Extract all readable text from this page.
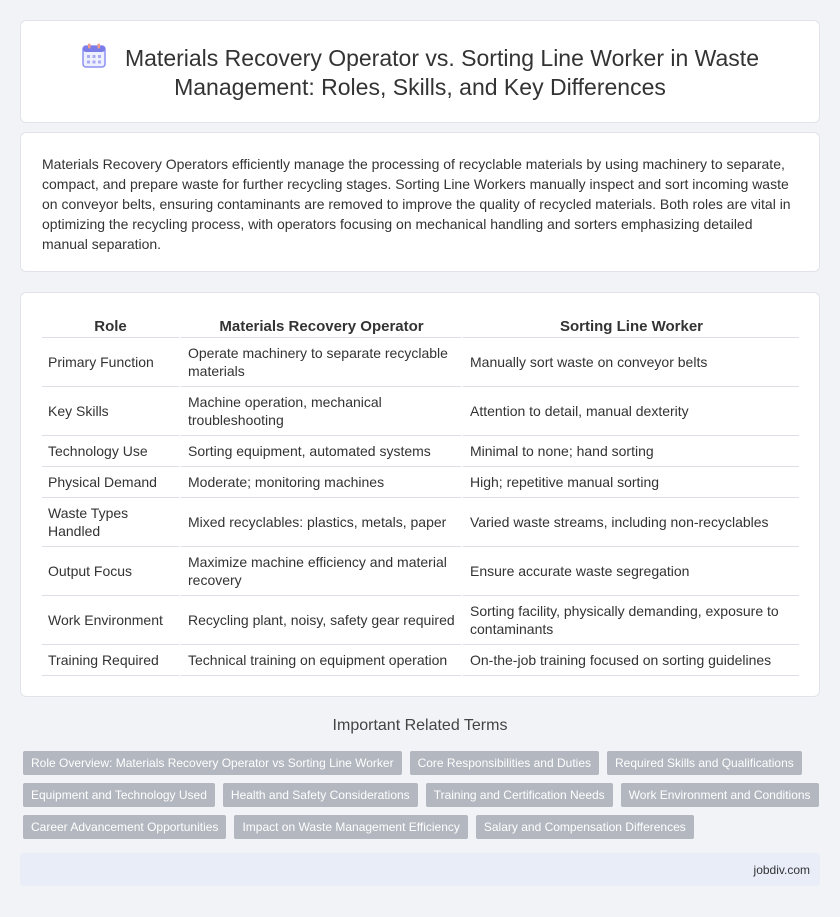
Materials Recovery Operator vs. Sorting Line Worker in Waste
Management: Roles, Skills, and Key Differences

Materials Recovery Operators efficiently manage the processing of recyclable materials by using machinery to separate, compact, and prepare waste for further recycling stages. Sorting Line Workers manually inspect and sort incoming waste on conveyor belts, ensuring contaminants are removed to improve the quality of recycled materials. Both roles are vital in optimizing the recycling process, with operators focusing on mechanical handling and sorters emphasizing detailed manual separation.

Role	Materials Recovery Operator	Sorting Line Worker
Primary Function	Operate machinery to separate recyclable materials	Manually sort waste on conveyor belts
Key Skills	Machine operation, mechanical troubleshooting	Attention to detail, manual dexterity
Technology Use	Sorting equipment, automated systems	Minimal to none; hand sorting
Physical Demand	Moderate; monitoring machines	High; repetitive manual sorting
Waste Types Handled	Mixed recyclables: plastics, metals, paper	Varied waste streams, including non-recyclables
Output Focus	Maximize machine efficiency and material recovery	Ensure accurate waste segregation
Work Environment	Recycling plant, noisy, safety gear required	Sorting facility, physically demanding, exposure to contaminants
Training Required	Technical training on equipment operation	On-the-job training focused on sorting guidelines
Important Related Terms
Role Overview: Materials Recovery Operator vs Sorting Line Worker	Core Responsibilities and Duties	Required Skills and Qualifications
Equipment and Technology Used	Health and Safety Considerations	Training and Certification Needs	Work Environment and Conditions
Career Advancement Opportunities	Impact on Waste Management Efficiency	Salary and Compensation Differences
jobdiv.com
